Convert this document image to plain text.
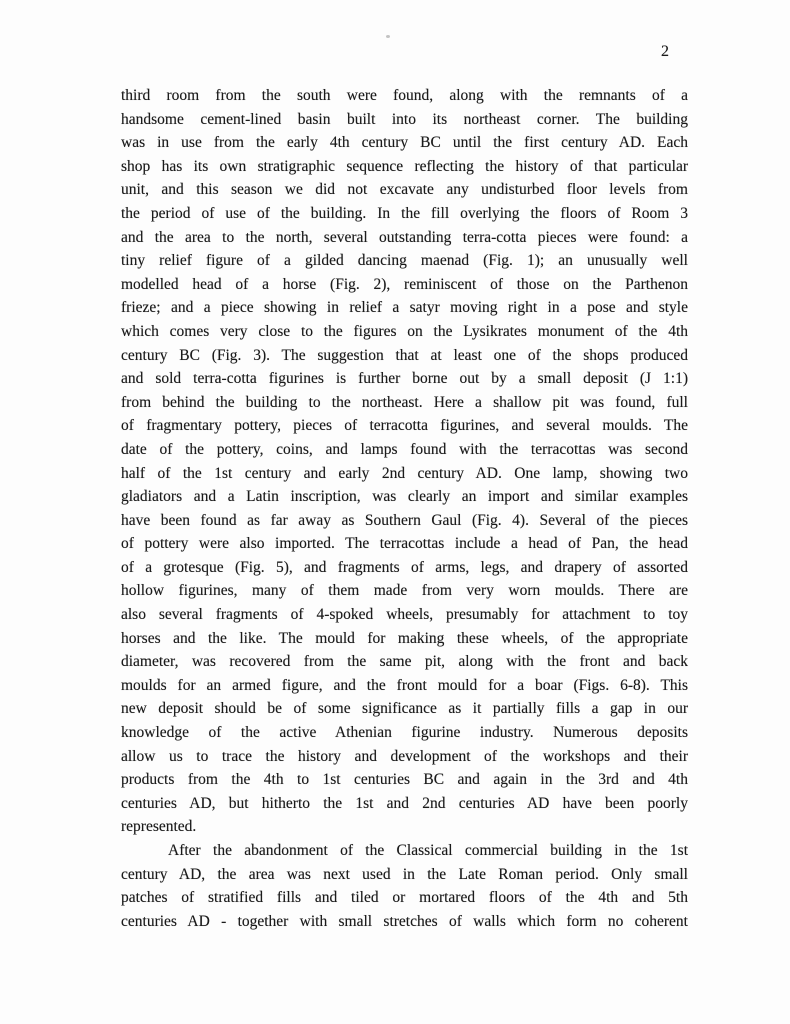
2
third room from the south were found, along with the remnants of a
handsome cement-lined basin built into its northeast corner. The building
was in use from the early 4th century BC until the first century AD. Each
shop has its own stratigraphic sequence reflecting the history of that particular
unit, and this season we did not excavate any undisturbed floor levels from
the period of use of the building. In the fill overlying the floors of Room 3
and the area to the north, several outstanding terra-cotta pieces were found: a
tiny relief figure of a gilded dancing maenad (Fig. 1); an unusually well
modelled head of a horse (Fig. 2), reminiscent of those on the Parthenon
frieze; and a piece showing in relief a satyr moving right in a pose and style
which comes very close to the figures on the Lysikrates monument of the 4th
century BC (Fig. 3). The suggestion that at least one of the shops produced
and sold terra-cotta figurines is further borne out by a small deposit (J 1:1)
from behind the building to the northeast. Here a shallow pit was found, full
of fragmentary pottery, pieces of terracotta figurines, and several moulds. The
date of the pottery, coins, and lamps found with the terracottas was second
half of the 1st century and early 2nd century AD. One lamp, showing two
gladiators and a Latin inscription, was clearly an import and similar examples
have been found as far away as Southern Gaul (Fig. 4). Several of the pieces
of pottery were also imported. The terracottas include a head of Pan, the head
of a grotesque (Fig. 5), and fragments of arms, legs, and drapery of assorted
hollow figurines, many of them made from very worn moulds. There are
also several fragments of 4-spoked wheels, presumably for attachment to toy
horses and the like. The mould for making these wheels, of the appropriate
diameter, was recovered from the same pit, along with the front and back
moulds for an armed figure, and the front mould for a boar (Figs. 6-8). This
new deposit should be of some significance as it partially fills a gap in our
knowledge of the active Athenian figurine industry. Numerous deposits
allow us to trace the history and development of the workshops and their
products from the 4th to 1st centuries BC and again in the 3rd and 4th
centuries AD, but hitherto the 1st and 2nd centuries AD have been poorly
represented.
After the abandonment of the Classical commercial building in the 1st
century AD, the area was next used in the Late Roman period. Only small
patches of stratified fills and tiled or mortared floors of the 4th and 5th
centuries AD - together with small stretches of walls which form no coherent
